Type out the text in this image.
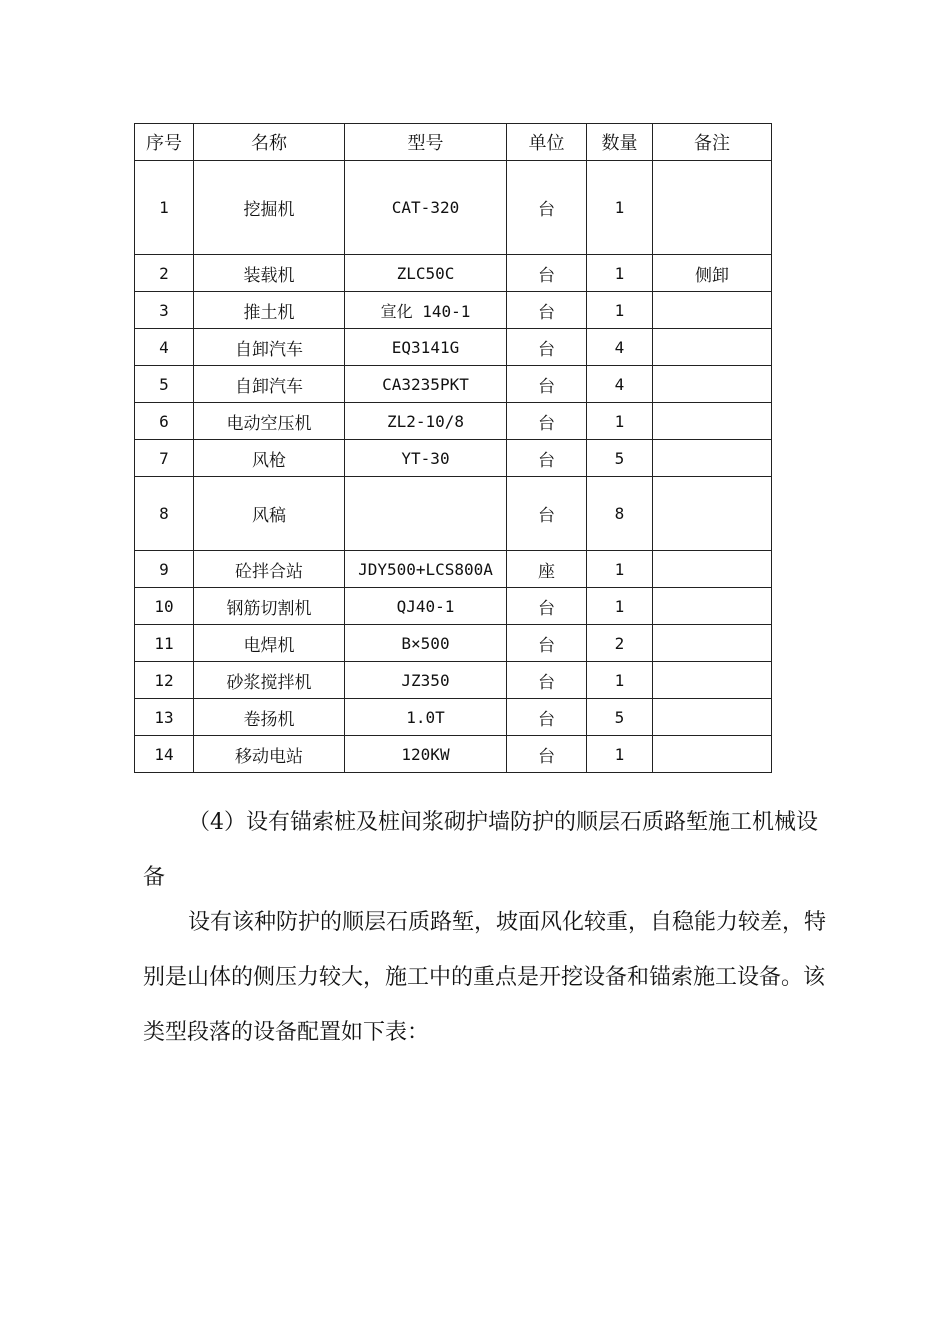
序号	名称	型号	单位	数量	备注
1	挖掘机	CAT-320	台	1	
2	装载机	ZLC50C	台	1	侧卸
3	推土机	宣化 140-1	台	1	
4	自卸汽车	EQ3141G	台	4	
5	自卸汽车	CA3235PKT	台	4	
6	电动空压机	ZL2-10/8	台	1	
7	风枪	YT-30	台	5	
8	风稿		台	8	
9	砼拌合站	JDY500+LCS800A	座	1	
10	钢筋切割机	QJ40-1	台	1	
11	电焊机	B×500	台	2	
12	砂浆搅拌机	JZ350	台	1	
13	卷扬机	1.0T	台	5	
14	移动电站	120KW	台	1	

（4）设有锚索桩及桩间浆砌护墙防护的顺层石质路堑施工机械设备

设有该种防护的顺层石质路堑，坡面风化较重，自稳能力较差，特别是山体的侧压力较大，施工中的重点是开挖设备和锚索施工设备。该类型段落的设备配置如下表：
